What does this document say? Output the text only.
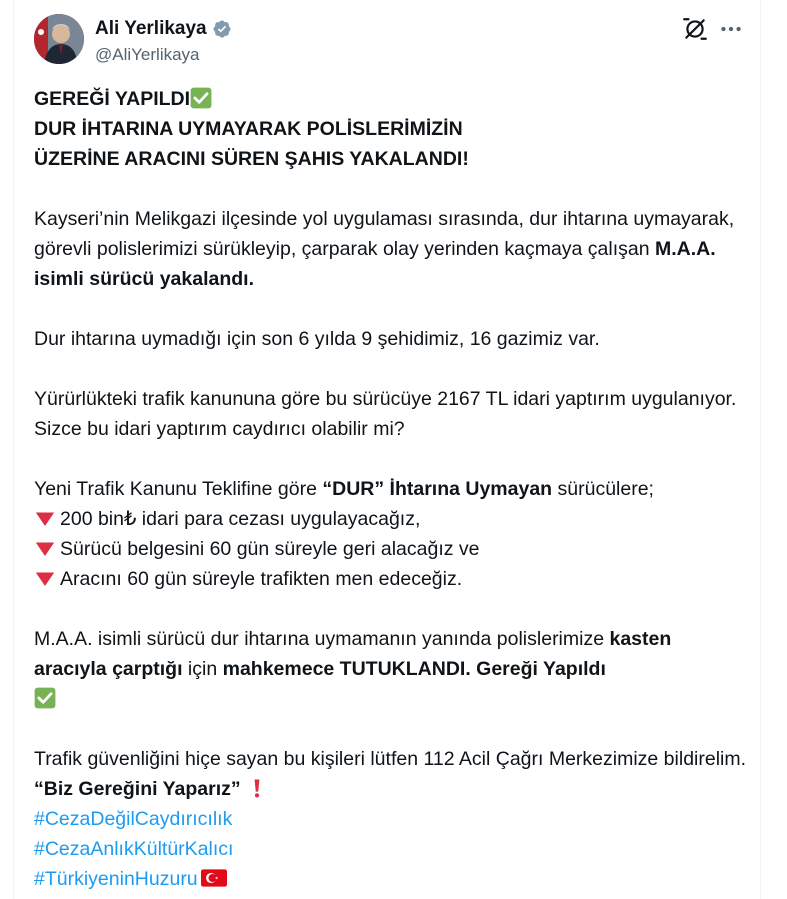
Ali Yerlikaya
@AliYerlikaya
GEREĞİ YAPILDI
DUR İHTARINA UYMAYARAK POLİSLERİMİZİN
ÜZERİNE ARACINI SÜREN ŞAHIS YAKALANDI!
Kayseri’nin Melikgazi ilçesinde yol uygulaması sırasında, dur ihtarına uymayarak, görevli polislerimizi sürükleyip, çarparak olay yerinden kaçmaya çalışan M.A.A. isimli sürücü yakalandı.
Dur ihtarına uymadığı için son 6 yılda 9 şehidimiz, 16 gazimiz var.
Yürürlükteki trafik kanununa göre bu sürücüye 2167 TL idari yaptırım uygulanıyor. Sizce bu idari yaptırım caydırıcı olabilir mi?
Yeni Trafik Kanunu Teklifine göre “DUR” İhtarına Uymayan sürücülere;
200 bin₺ idari para cezası uygulayacağız,
Sürücü belgesini 60 gün süreyle geri alacağız ve
Aracını 60 gün süreyle trafikten men edeceğiz.
M.A.A. isimli sürücü dur ihtarına uymamanın yanında polislerimize kasten aracıyla çarptığı için mahkemece TUTUKLANDI. Gereği Yapıldı
Trafik güvenliğini hiçe sayan bu kişileri lütfen 112 Acil Çağrı Merkezimize bildirelim. “Biz Gereğini Yaparız”
#CezaDeğilCaydırıcılık
#CezaAnlıkKültürKalıcı
#TürkiyeninHuzuru
